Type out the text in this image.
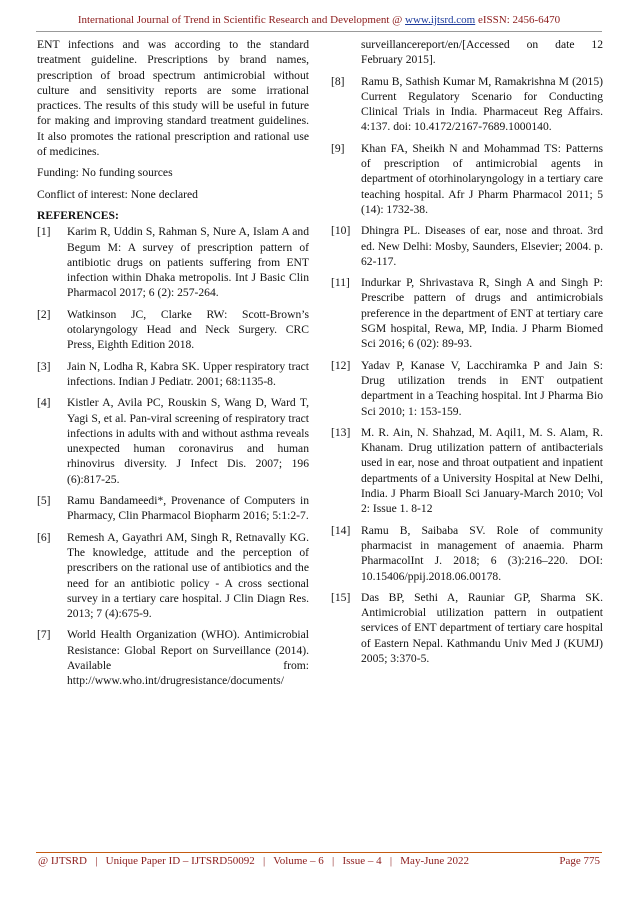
International Journal of Trend in Scientific Research and Development @ www.ijtsrd.com eISSN: 2456-6470

ENT infections and was according to the standard treatment guideline. Prescriptions by brand names, prescription of broad spectrum antimicrobial without culture and sensitivity reports are some irrational practices. The results of this study will be useful in future for making and improving standard treatment guidelines. It also promotes the rational prescription and rational use of medicines.

Funding: No funding sources

Conflict of interest: None declared

REFERENCES:
[1]	Karim R, Uddin S, Rahman S, Nure A, Islam A and Begum M: A survey of prescription pattern of antibiotic drugs on patients suffering from ENT infection within Dhaka metropolis. Int J Basic Clin Pharmacol 2017; 6 (2): 257-264.
[2]	Watkinson JC, Clarke RW: Scott-Brown’s otolaryngology Head and Neck Surgery. CRC Press, Eighth Edition 2018.
[3]	Jain N, Lodha R, Kabra SK. Upper respiratory tract infections. Indian J Pediatr. 2001; 68:1135-8.
[4]	Kistler A, Avila PC, Rouskin S, Wang D, Ward T, Yagi S, et al. Pan-viral screening of respiratory tract infections in adults with and without asthma reveals unexpected human coronavirus and human rhinovirus diversity. J Infect Dis. 2007; 196 (6):817-25.
[5]	Ramu Bandameedi*, Provenance of Computers in Pharmacy, Clin Pharmacol Biopharm 2016; 5:1:2-7.
[6]	Remesh A, Gayathri AM, Singh R, Retnavally KG. The knowledge, attitude and the perception of prescribers on the rational use of antibiotics and the need for an antibiotic policy - A cross sectional survey in a tertiary care hospital. J Clin Diagn Res. 2013; 7 (4):675-9.
[7]	World Health Organization (WHO). Antimicrobial Resistance: Global Report on Surveillance (2014). Available from: http://www.who.int/drugresistance/documents/
surveillancereport/en/[Accessed on date 12 February 2015].
[8]	Ramu B, Sathish Kumar M, Ramakrishna M (2015) Current Regulatory Scenario for Conducting Clinical Trials in India. Pharmaceut Reg Affairs. 4:137. doi: 10.4172/2167-7689.1000140.
[9]	Khan FA, Sheikh N and Mohammad TS: Patterns of prescription of antimicrobial agents in department of otorhinolaryngology in a tertiary care teaching hospital. Afr J Pharm Pharmacol 2011; 5 (14): 1732-38.
[10] Dhingra PL. Diseases of ear, nose and throat. 3rd ed. New Delhi: Mosby, Saunders, Elsevier; 2004. p. 62-117.
[11] Indurkar P, Shrivastava R, Singh A and Singh P: Prescribe pattern of drugs and antimicrobials preference in the department of ENT at tertiary care SGM hospital, Rewa, MP, India. J Pharm Biomed Sci 2016; 6 (02): 89-93.
[12] Yadav P, Kanase V, Lacchiramka P and Jain S: Drug utilization trends in ENT outpatient department in a Teaching hospital. Int J Pharma Bio Sci 2010; 1: 153-159.
[13] M. R. Ain, N. Shahzad, M. Aqil1, M. S. Alam, R. Khanam. Drug utilization pattern of antibacterials used in ear, nose and throat outpatient and inpatient departments of a University Hospital at New Delhi, India. J Pharm Bioall Sci January-March 2010; Vol 2: Issue 1. 8-12
[14] Ramu B, Saibaba SV. Role of community pharmacist in management of anaemia. Pharm PharmacolInt J. 2018; 6 (3):216–220. DOI: 10.15406/ppij.2018.06.00178.
[15] Das BP, Sethi A, Rauniar GP, Sharma SK. Antimicrobial utilization pattern in outpatient services of ENT department of tertiary care hospital of Eastern Nepal. Kathmandu Univ Med J (KUMJ) 2005; 3:370-5.

@ IJTSRD   |   Unique Paper ID – IJTSRD50092   |   Volume – 6   |   Issue – 4   |   May-June 2022

	Page 775
